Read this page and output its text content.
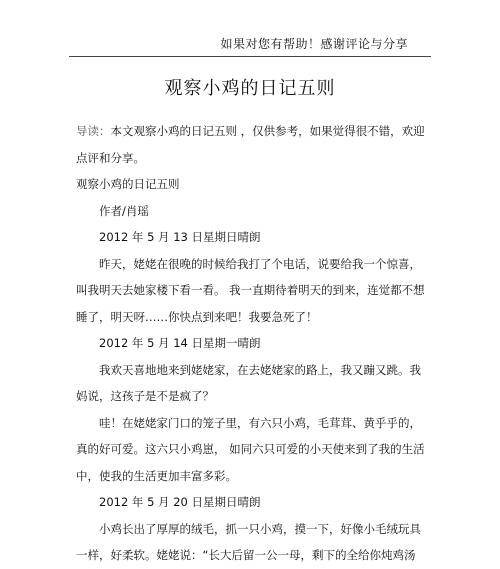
如果对您有帮助！感谢评论与分享
观察小鸡的日记五则

导读：本文观察小鸡的日记五则 ，仅供参考，如果觉得很不错，欢迎

点评和分享。

观察小鸡的日记五则

作者/肖瑶

2012 年 5 月 13 日星期日晴朗

昨天，姥姥在很晚的时候给我打了个电话，说要给我一个惊喜，

叫我明天去她家楼下看一看。 我一直期待着明天的到来，连觉都不想

睡了，明天呀……你快点到来吧！我要急死了！

2012 年 5 月 14 日星期一晴朗

我欢天喜地地来到姥姥家，在去姥姥家的路上，我又蹦又跳。我

妈说，这孩子是不是疯了？

哇！在姥姥家门口的笼子里，有六只小鸡，毛茸茸、黄乎乎的，

真的好可爱。这六只小鸡崽， 如同六只可爱的小天使来到了我的生活

中，使我的生活更加丰富多彩。

2012 年 5 月 20 日星期日晴朗

小鸡长出了厚厚的绒毛，抓一只小鸡，摸一下，好像小毛绒玩具

一样，好柔软。姥姥说：“长大后留一公一母，剩下的全给你炖鸡汤
